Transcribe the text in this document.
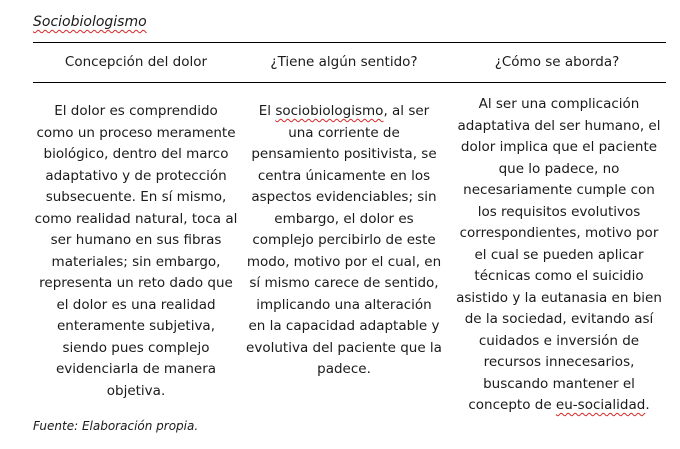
Sociobiologismo
Concepción del dolor	¿Tiene algún sentido?	¿Cómo se aborda?
El dolor es comprendido como un proceso meramente biológico, dentro del marco adaptativo y de protección subsecuente. En sí mismo, como realidad natural, toca al ser humano en sus fibras materiales; sin embargo, representa un reto dado que el dolor es una realidad enteramente subjetiva, siendo pues complejo evidenciarla de manera objetiva.
El sociobiologismo, al ser una corriente de pensamiento positivista, se centra únicamente en los aspectos evidenciables; sin embargo, el dolor es complejo percibirlo de este modo, motivo por el cual, en sí mismo carece de sentido, implicando una alteración en la capacidad adaptable y evolutiva del paciente que la padece.
Al ser una complicación adaptativa del ser humano, el dolor implica que el paciente que lo padece, no necesariamente cumple con los requisitos evolutivos correspondientes, motivo por el cual se pueden aplicar técnicas como el suicidio asistido y la eutanasia en bien de la sociedad, evitando así cuidados e inversión de recursos innecesarios, buscando mantener el concepto de eu-socialidad.
Fuente: Elaboración propia.
